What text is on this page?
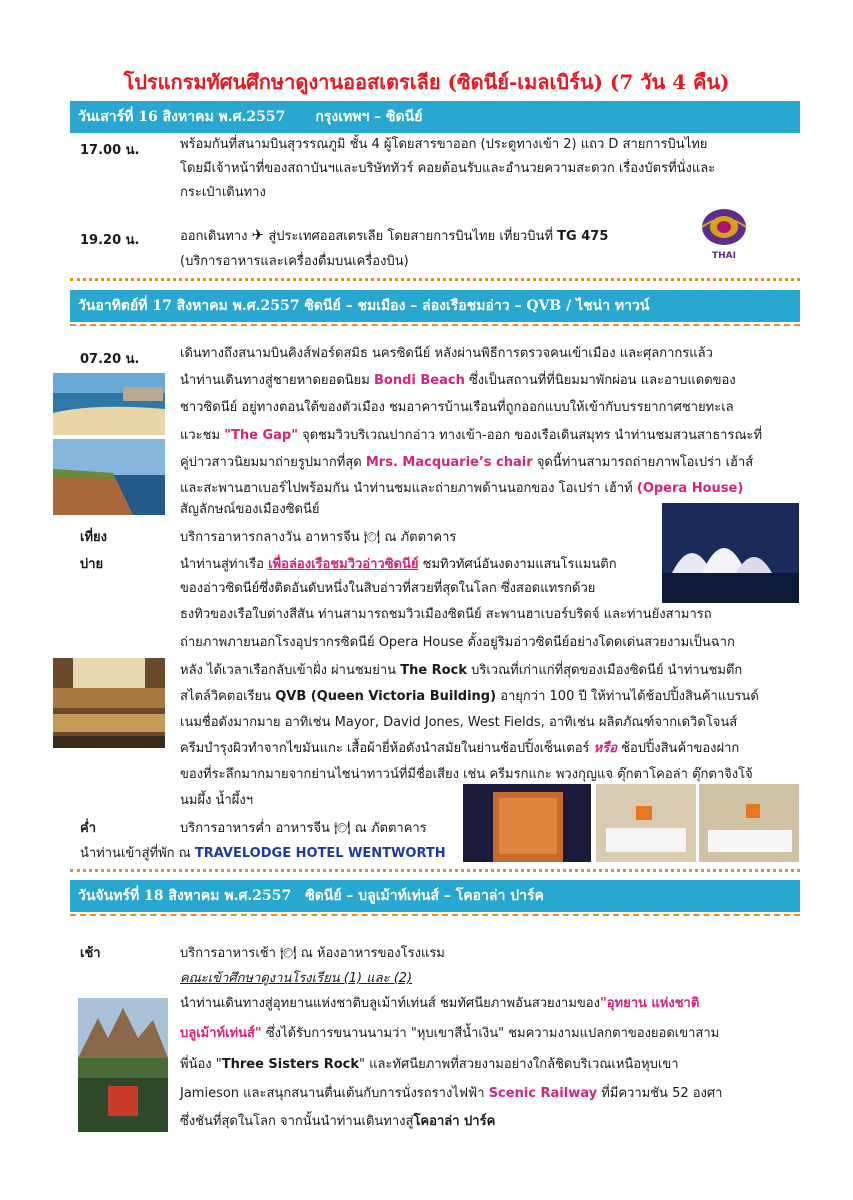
โปรแกรมทัศนศึกษาดูงานออสเตรเลีย (ซิดนีย์-เมลเบิร์น) (7 วัน 4 คืน)
วันเสาร์ที่ 16 สิงหาคม พ.ศ.2557 กรุงเทพฯ – ซิดนีย์
17.00 น.	พร้อมกันที่สนามบินสุวรรณภูมิ ชั้น 4 ผู้โดยสารขาออก (ประตูทางเข้า 2) แถว D สายการบินไทย
โดยมีเจ้าหน้าที่ของสถาบันฯและบริษัททัวร์ คอยต้อนรับและอำนวยความสะดวก เรื่องบัตรที่นั่งและ
กระเป๋าเดินทาง
19.20 น.	ออกเดินทาง ✈ สู่ประเทศออสเตรเลีย โดยสายการบินไทย เที่ยวบินที่ TG 475
(บริการอาหารและเครื่องดื่มบนเครื่องบิน)	THAI
วันอาทิตย์ที่ 17 สิงหาคม พ.ศ.2557 ซิดนีย์ – ชมเมือง – ล่องเรือชมอ่าว – QVB / ไชน่า ทาวน์
07.20 น.	เดินทางถึงสนามบินคิงส์ฟอร์ดสมิธ นครซิดนีย์ หลังผ่านพิธีการตรวจคนเข้าเมือง และศุลกากรแล้ว
นำท่านเดินทางสู่ชายหาดยอดนิยม Bondi Beach ซึ่งเป็นสถานที่ที่นิยมมาพักผ่อน และอาบแดดของ
ชาวซิดนีย์ อยู่ทางตอนใต้ของตัวเมือง ชมอาคารบ้านเรือนที่ถูกออกแบบให้เข้ากับบรรยากาศชายทะเล
แวะชม "The Gap" จุดชมวิวบริเวณปากอ่าว ทางเข้า-ออก ของเรือเดินสมุทร นำท่านชมสวนสาธารณะที่
คู่บ่าวสาวนิยมมาถ่ายรูปมากที่สุด Mrs. Macquarie’s chair จุดนี้ท่านสามารถถ่ายภาพโอเปร่า เฮ้าส์
และสะพานฮาเบอร์ไปพร้อมกัน นำท่านชมและถ่ายภาพด้านนอกของ โอเปร่า เฮ้าท์ (Opera House)
สัญลักษณ์ของเมืองซิดนีย์
เที่ยง	บริการอาหารกลางวัน อาหารจีน 🍽 ณ ภัตตาคาร
บ่าย	นำท่านสู่ท่าเรือ เพื่อล่องเรือชมวิวอ่าวซิดนีย์ ชมทิวทัศน์อันงดงามแสนโรแมนติก
ของอ่าวซิดนีย์ซึ่งติดอันดับหนึ่งในสิบอ่าวที่สวยที่สุดในโลก ซึ่งสอดแทรกด้วย
ธงทิวของเรือใบต่างสีสัน ท่านสามารถชมวิวเมืองซิดนีย์ สะพานฮาเบอร์บริดจ์ และท่านยังสามารถ
ถ่ายภาพภายนอกโรงอุปรากรซิดนีย์ Opera House ตั้งอยู่ริมอ่าวซิดนีย์อย่างโดดเด่นสวยงามเป็นฉาก
หลัง ได้เวลาเรือกลับเข้าฝั่ง ผ่านชมย่าน The Rock บริเวณที่เก่าแก่ที่สุดของเมืองซิดนีย์ นำท่านชมตึก
สไตล์วิคตอเรียน QVB (Queen Victoria Building) อายุกว่า 100 ปี ให้ท่านได้ช้อปปิ้งสินค้าแบรนด์
เนมชื่อดังมากมาย อาทิเช่น Mayor, David Jones, West Fields, อาทิเช่น ผลิตภัณฑ์จากเดวิดโจนส์
ครีมบำรุงผิวทำจากไขมันแกะ เสื้อผ้ายี่ห้อดังนำสมัยในย่านช้อปปิ้งเซ็นเตอร์ หรือ ช้อปปิ้งสินค้าของฝาก
ของที่ระลึกมากมายจากย่านไชน่าทาวน์ที่มีชื่อเสียง เช่น ครีมรกแกะ พวงกุญแจ ตุ๊กตาโคอล่า ตุ๊กตาจิงโจ้
นมผึ้ง น้ำผึ้งฯ
ค่ำ	บริการอาหารค่ำ อาหารจีน 🍽 ณ ภัตตาคาร
นำท่านเข้าสู่ที่พัก ณ TRAVELODGE HOTEL WENTWORTH
วันจันทร์ที่ 18 สิงหาคม พ.ศ.2557 ซิดนีย์ – บลูเม้าท์เท่นส์ – โคอาล่า ปาร์ค
เช้า	บริการอาหารเช้า 🍽 ณ ห้องอาหารของโรงแรม
คณะเข้าศึกษาดูงานโรงเรียน (1) และ (2)
นำท่านเดินทางสู่อุทยานแห่งชาติบลูเม้าท์เท่นส์ ชมทัศนียภาพอันสวยงามของ"อุทยาน แห่งชาติ
บลูเม้าท์เท่นส์" ซึ่งได้รับการขนานนามว่า "หุบเขาสีน้ำเงิน" ชมความงามแปลกตาของยอดเขาสาม
พี่น้อง "Three Sisters Rock" และทัศนียภาพที่สวยงามอย่างใกล้ชิดบริเวณเหนือหุบเขา
Jamieson และสนุกสนานตื่นเต้นกับการนั่งรถรางไฟฟ้า Scenic Railway ที่มีความชัน 52 องศา
ซึ่งชันที่สุดในโลก จากนั้นนำท่านเดินทางสู่โคอาล่า ปาร์ค
